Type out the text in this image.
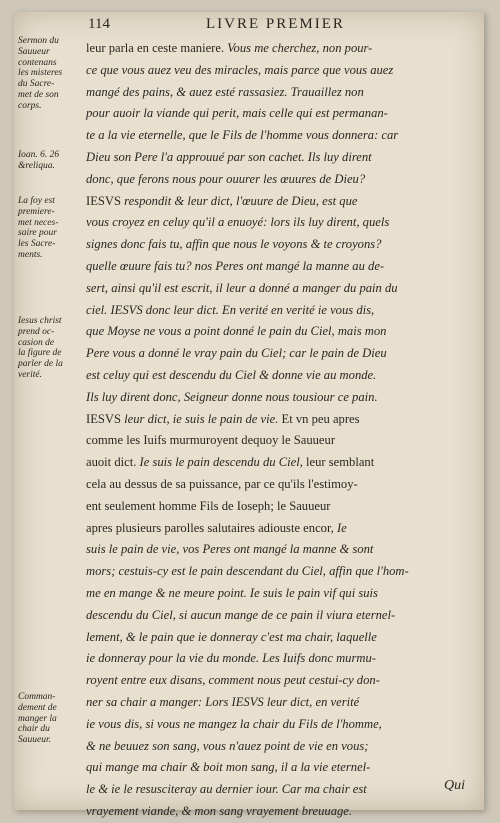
114	LIVRE PREMIER
Sermon du
Sauueur
contenans
les misteres
du Sacre-
met de son
corps.
Ioan. 6. 26
&reliqua.
La foy est
premiere-
met neces-
saire pour
les Sacre-
ments.
Iesus christ
prend oc-
casion de
la figure de
parler de la
verité.
Comman-
dement de
manger la
chair du
Sauueur.
leur parla en ceste maniere. Vous me cherchez, non pour-
ce que vous auez veu des miracles, mais parce que vous auez
mangé des pains, & auez esté rassasiez. Trauaillez non
pour auoir la viande qui perit, mais celle qui est permanan-
te a la vie eternelle, que le Fils de l'homme vous donnera: car
Dieu son Pere l'a approuué par son cachet. Ils luy dirent
donc, que ferons nous pour ouurer les œuures de Dieu?
IESVS respondit & leur dict, l'œuure de Dieu, est que
vous croyez en celuy qu'il a enuoyé: lors ils luy dirent, quels
signes donc fais tu, affin que nous le voyons & te croyons?
quelle œuure fais tu? nos Peres ont mangé la manne au de-
sert, ainsi qu'il est escrit, il leur a donné a manger du pain du
ciel. IESVS donc leur dict. En verité en verité ie vous dis,
que Moyse ne vous a point donné le pain du Ciel, mais mon
Pere vous a donné le vray pain du Ciel; car le pain de Dieu
est celuy qui est descendu du Ciel & donne vie au monde.
Ils luy dirent donc, Seigneur donne nous tousiour ce pain.
IESVS leur dict, ie suis le pain de vie. Et vn peu apres
comme les Iuifs murmuroyent dequoy le Sauueur
auoit dict. Ie suis le pain descendu du Ciel, leur semblant
cela au dessus de sa puissance, par ce qu'ils l'estimoy-
ent seulement homme Fils de Ioseph; le Sauueur
apres plusieurs parolles salutaires adiouste encor, Ie
suis le pain de vie, vos Peres ont mangé la manne & sont
mors; cestuis-cy est le pain descendant du Ciel, affin que l'hom-
me en mange & ne meure point. Ie suis le pain vif qui suis
descendu du Ciel, si aucun mange de ce pain il viura eternel-
lement, & le pain que ie donneray c'est ma chair, laquelle
ie donneray pour la vie du monde. Les Iuifs donc murmu-
royent entre eux disans, comment nous peut cestui-cy don-
ner sa chair a manger: Lors IESVS leur dict, en verité
ie vous dis, si vous ne mangez la chair du Fils de l'homme,
& ne beuuez son sang, vous n'auez point de vie en vous;
qui mange ma chair & boit mon sang, il a la vie eternel-
le & ie le resusciteray au dernier iour. Car ma chair est
vrayement viande, & mon sang vrayement breuuage.
Qui
